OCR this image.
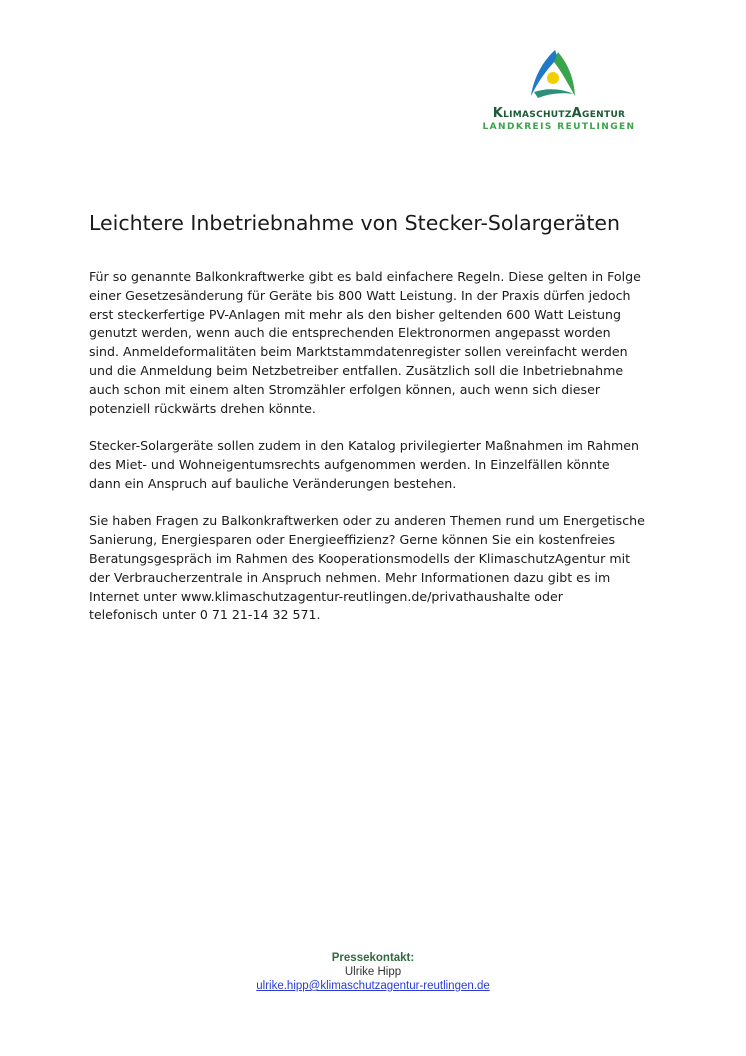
KlimaschutzAgentur
LANDKREIS REUTLINGEN
Leichtere Inbetriebnahme von Stecker-Solargeräten

Für so genannte Balkonkraftwerke gibt es bald einfachere Regeln. Diese gelten in Folge
einer Gesetzesänderung für Geräte bis 800 Watt Leistung. In der Praxis dürfen jedoch
erst steckerfertige PV-Anlagen mit mehr als den bisher geltenden 600 Watt Leistung
genutzt werden, wenn auch die entsprechenden Elektronormen angepasst worden
sind. Anmeldeformalitäten beim Marktstammdatenregister sollen vereinfacht werden
und die Anmeldung beim Netzbetreiber entfallen. Zusätzlich soll die Inbetriebnahme
auch schon mit einem alten Stromzähler erfolgen können, auch wenn sich dieser
potenziell rückwärts drehen könnte.

Stecker-Solargeräte sollen zudem in den Katalog privilegierter Maßnahmen im Rahmen
des Miet- und Wohneigentumsrechts aufgenommen werden. In Einzelfällen könnte
dann ein Anspruch auf bauliche Veränderungen bestehen.

Sie haben Fragen zu Balkonkraftwerken oder zu anderen Themen rund um Energetische
Sanierung, Energiesparen oder Energieeffizienz? Gerne können Sie ein kostenfreies
Beratungsgespräch im Rahmen des Kooperationsmodells der KlimaschutzAgentur mit
der Verbraucherzentrale in Anspruch nehmen. Mehr Informationen dazu gibt es im
Internet unter www.klimaschutzagentur-reutlingen.de/privathaushalte oder
telefonisch unter 0 71 21-14 32 571.

Pressekontakt:
Ulrike Hipp
ulrike.hipp@klimaschutzagentur-reutlingen.de
